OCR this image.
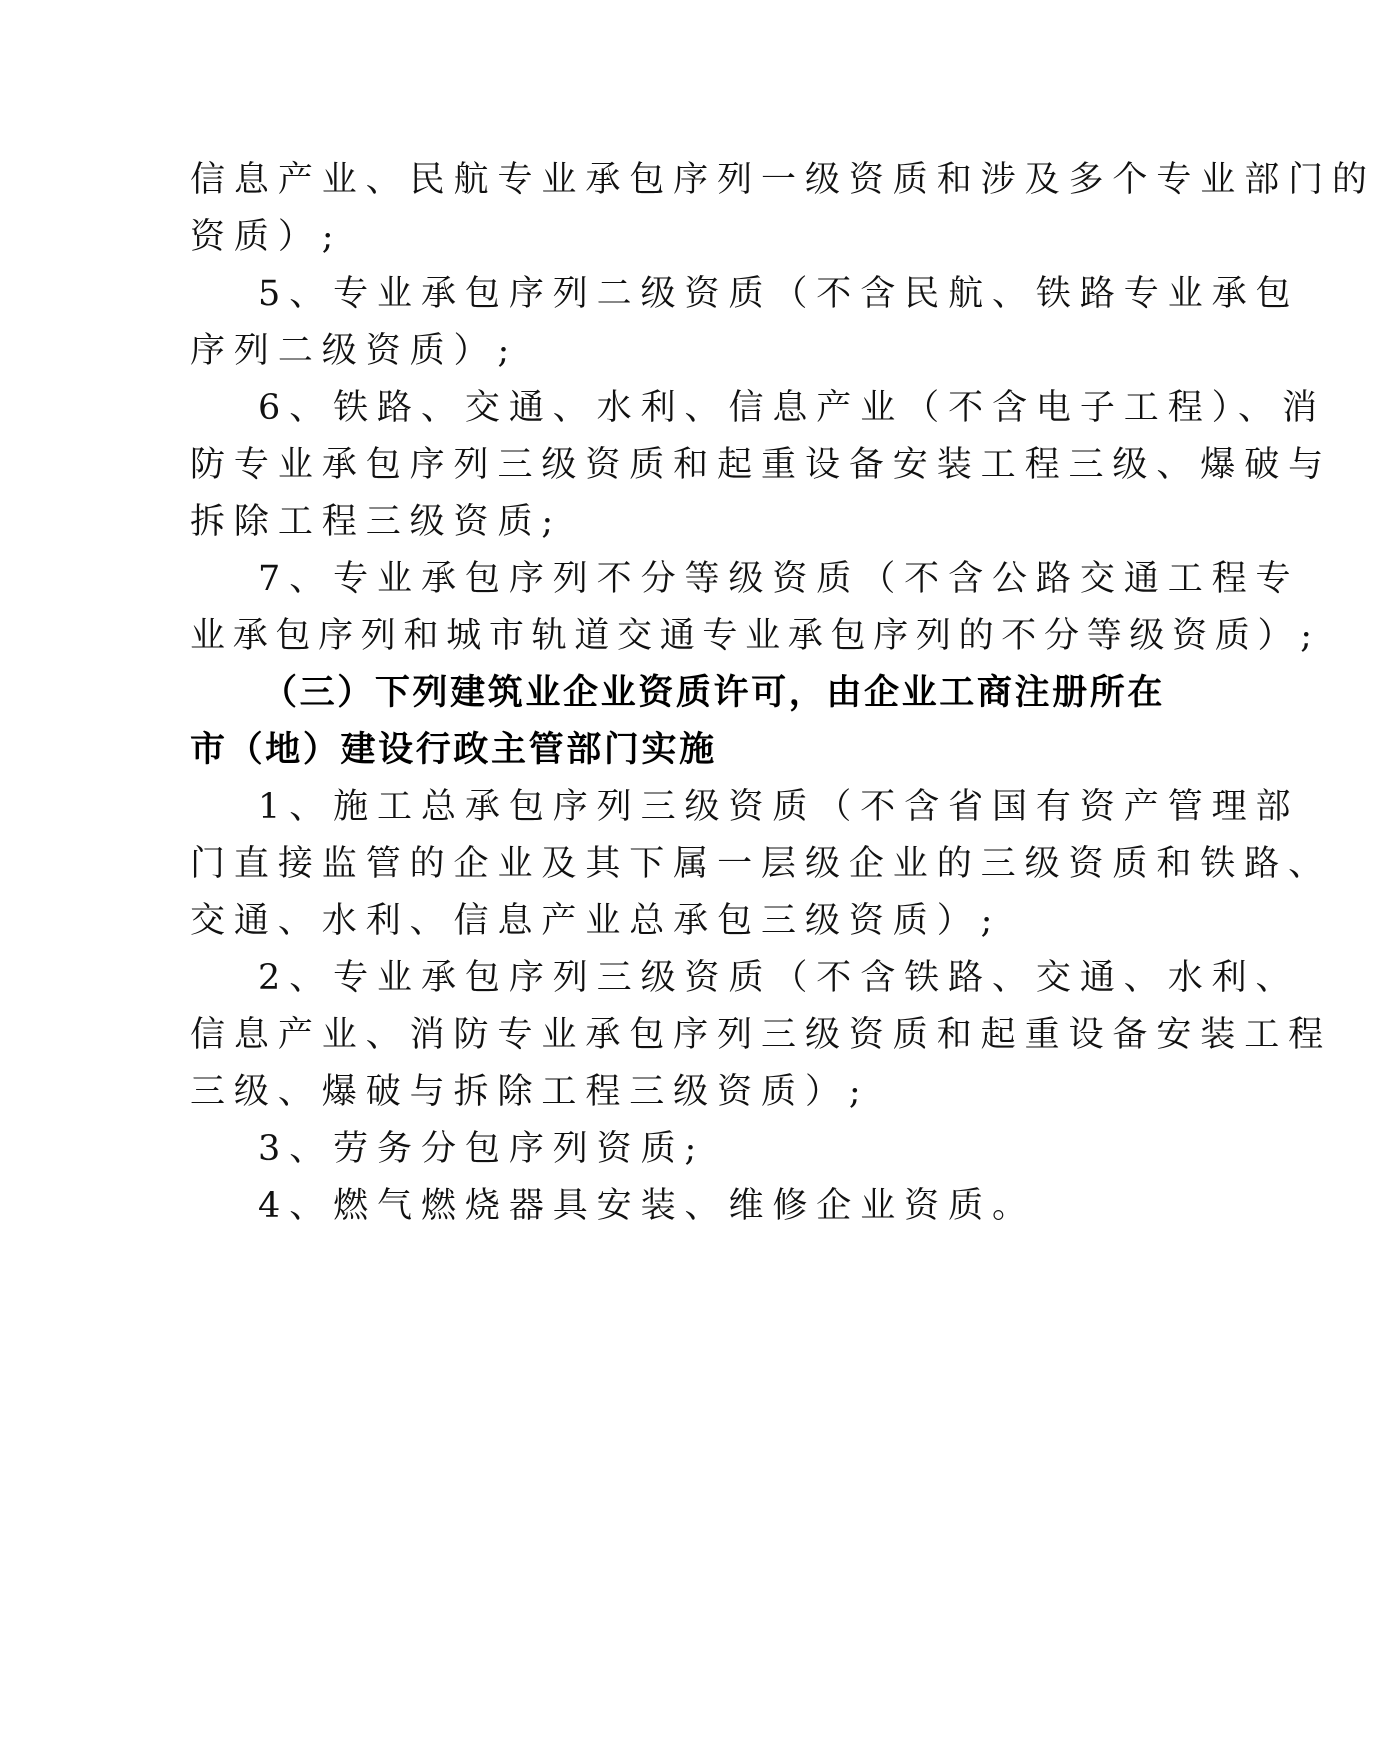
信息产业、民航专业承包序列一级资质和涉及多个专业部门的
资质）;
5、专业承包序列二级资质（不含民航、铁路专业承包
序列二级资质）;
6、铁路、交通、水利、信息产业（不含电子工程）、消
防专业承包序列三级资质和起重设备安装工程三级、爆破与
拆除工程三级资质;
7、专业承包序列不分等级资质（不含公路交通工程专
业承包序列和城市轨道交通专业承包序列的不分等级资质）;
（三）下列建筑业企业资质许可，由企业工商注册所在
市（地）建设行政主管部门实施
1、施工总承包序列三级资质（不含省国有资产管理部
门直接监管的企业及其下属一层级企业的三级资质和铁路、
交通、水利、信息产业总承包三级资质）;
2、专业承包序列三级资质（不含铁路、交通、水利、
信息产业、消防专业承包序列三级资质和起重设备安装工程
三级、爆破与拆除工程三级资质）;
3、劳务分包序列资质;
4、燃气燃烧器具安装、维修企业资质。
